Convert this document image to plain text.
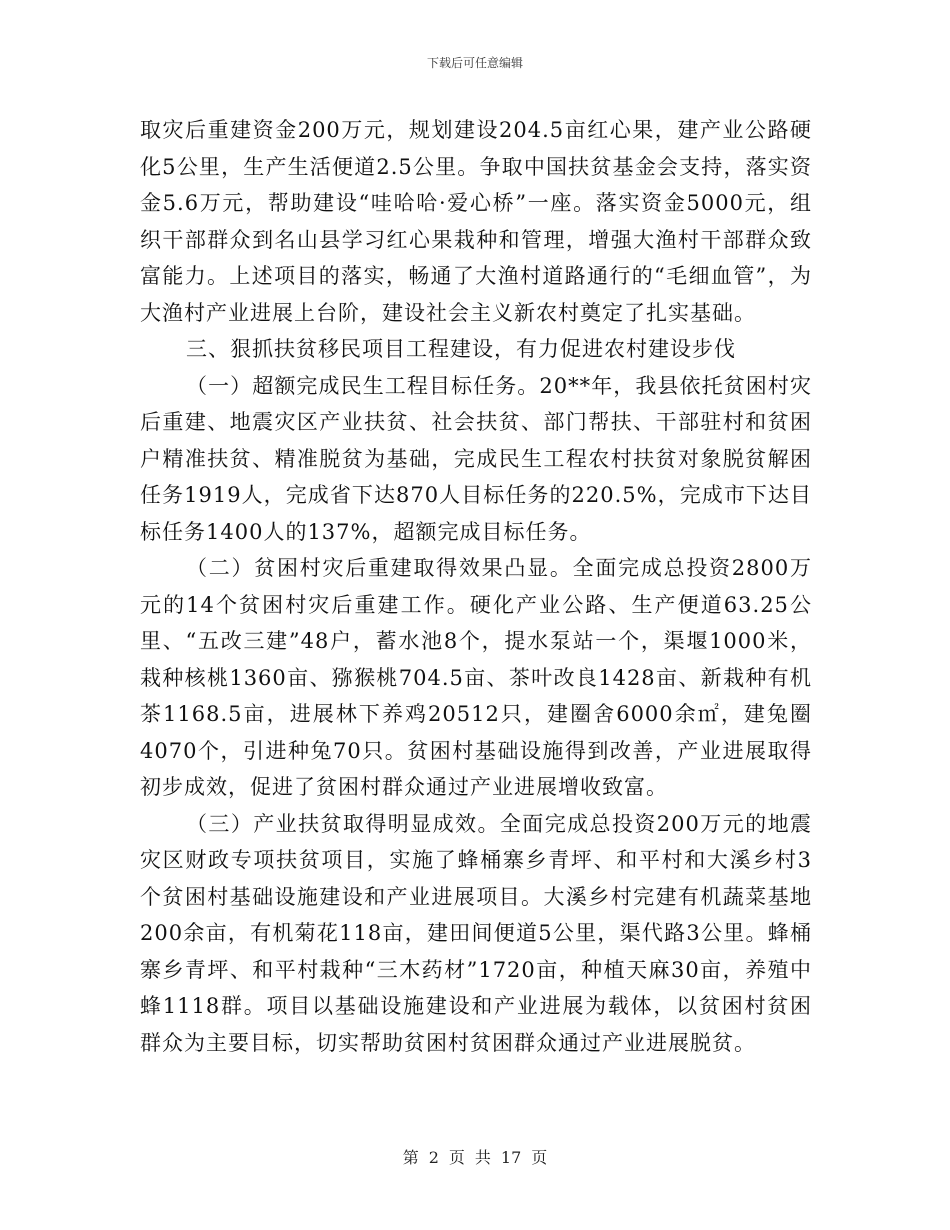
下载后可任意编辑

取灾后重建资金200万元，规划建设204.5亩红心果，建产业公路硬化5公里，生产生活便道2.5公里。争取中国扶贫基金会支持，落实资金5.6万元，帮助建设“哇哈哈·爱心桥”一座。落实资金5000元，组织干部群众到名山县学习红心果栽种和管理，增强大渔村干部群众致富能力。上述项目的落实，畅通了大渔村道路通行的“毛细血管”，为大渔村产业进展上台阶，建设社会主义新农村奠定了扎实基础。

三、狠抓扶贫移民项目工程建设，有力促进农村建设步伐

（一）超额完成民生工程目标任务。20**年，我县依托贫困村灾后重建、地震灾区产业扶贫、社会扶贫、部门帮扶、干部驻村和贫困户精准扶贫、精准脱贫为基础，完成民生工程农村扶贫对象脱贫解困任务1919人，完成省下达870人目标任务的220.5%，完成市下达目标任务1400人的137%，超额完成目标任务。

（二）贫困村灾后重建取得效果凸显。全面完成总投资2800万元的14个贫困村灾后重建工作。硬化产业公路、生产便道63.25公里、“五改三建”48户，蓄水池8个，提水泵站一个，渠堰1000米，栽种核桃1360亩、猕猴桃704.5亩、茶叶改良1428亩、新栽种有机茶1168.5亩，进展林下养鸡20512只，建圈舍6000余㎡，建兔圈4070个，引进种兔70只。贫困村基础设施得到改善，产业进展取得初步成效，促进了贫困村群众通过产业进展增收致富。

（三）产业扶贫取得明显成效。全面完成总投资200万元的地震灾区财政专项扶贫项目，实施了蜂桶寨乡青坪、和平村和大溪乡村3个贫困村基础设施建设和产业进展项目。大溪乡村完建有机蔬菜基地200余亩，有机菊花118亩，建田间便道5公里，渠代路3公里。蜂桶寨乡青坪、和平村栽种“三木药材”1720亩，种植天麻30亩，养殖中蜂1118群。项目以基础设施建设和产业进展为载体，以贫困村贫困群众为主要目标，切实帮助贫困村贫困群众通过产业进展脱贫。

第 2 页 共 17 页
